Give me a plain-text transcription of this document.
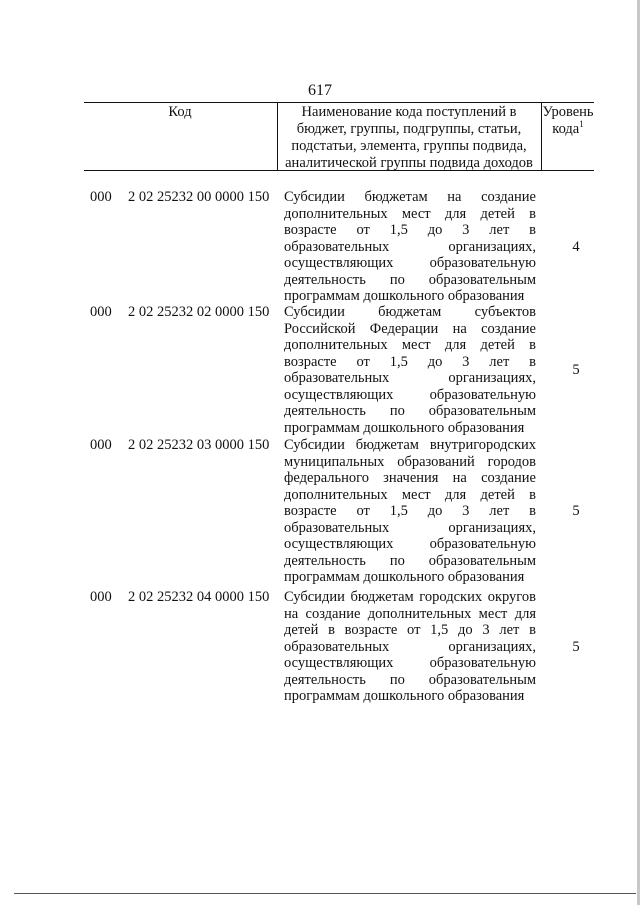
617
Код	Наименование кода поступлений в
бюджет, группы, подгруппы, статьи,
подстатьи, элемента, группы подвида,
аналитической группы подвида доходов
Уровень
кода$^1$
000 2 02 25232 00 0000 150 Субсидии бюджетам на создание
дополнительных мест для детей в
возрасте от 1,5 до 3 лет в
образовательных организациях,
осуществляющих образовательную
деятельность по образовательным
программам дошкольного образования
4
000 2 02 25232 02 0000 150 Субсидии бюджетам субъектов
Российской Федерации на создание
дополнительных мест для детей в
возрасте от 1,5 до 3 лет в
образовательных организациях,
осуществляющих образовательную
деятельность по образовательным
программам дошкольного образования
5
000 2 02 25232 03 0000 150 Субсидии бюджетам внутригородских
муниципальных образований городов
федерального значения на создание
дополнительных мест для детей в
возрасте от 1,5 до 3 лет в
образовательных организациях,
осуществляющих образовательную
деятельность по образовательным
программам дошкольного образования
5
000 2 02 25232 04 0000 150 Субсидии бюджетам городских округов
на создание дополнительных мест для
детей в возрасте от 1,5 до 3 лет в
образовательных организациях,
осуществляющих образовательную
деятельность по образовательным
программам дошкольного образования
5
